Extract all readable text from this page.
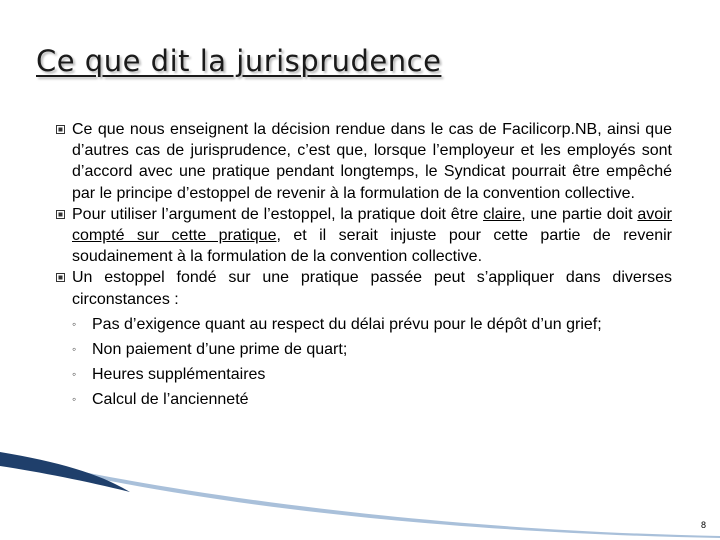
Ce que dit la jurisprudence
Ce que nous enseignent la décision rendue dans le cas de Facilicorp.NB, ainsi que d’autres cas de jurisprudence, c’est que, lorsque l’employeur et les employés sont d’accord avec une pratique pendant longtemps, le Syndicat pourrait être empêché par le principe d’estoppel de revenir à la formulation de la convention collective.
Pour utiliser l’argument de l’estoppel, la pratique doit être claire, une partie doit avoir compté sur cette pratique, et il serait injuste pour cette partie de revenir soudainement à la formulation de la convention collective.
Un estoppel fondé sur une pratique passée peut s’appliquer dans diverses circonstances :
◦ Pas d’exigence quant au respect du délai prévu pour le dépôt d’un grief;
◦ Non paiement d’une prime de quart;
◦ Heures supplémentaires
◦ Calcul de l’ancienneté
8
